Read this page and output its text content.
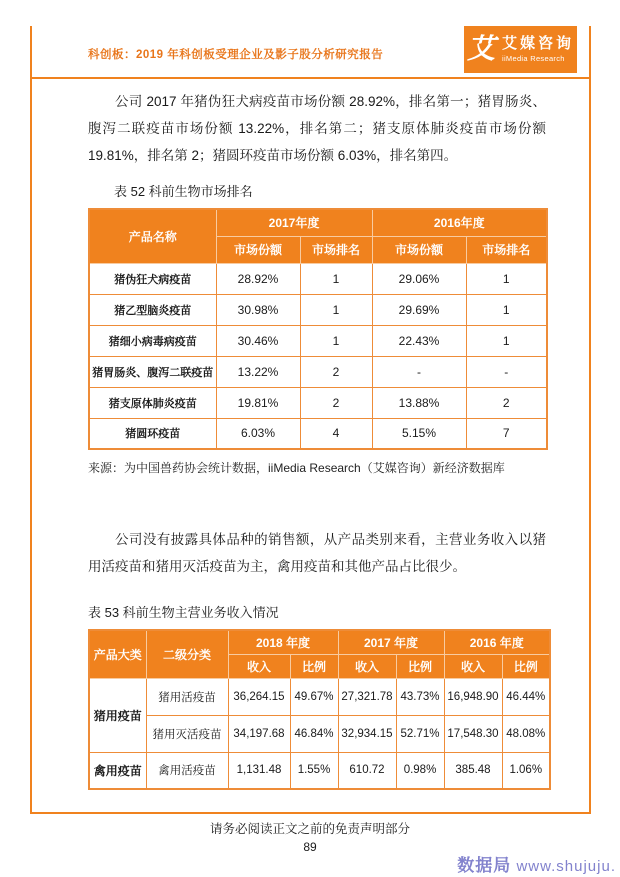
科创板：2019 年科创板受理企业及影子股分析研究报告	艾 艾媒咨询
iiMedia Research

公司 2017 年猪伪狂犬病疫苗市场份额 28.92%，排名第一；猪胃肠炎、腹泻二联疫苗市场份额 13.22%，排名第二；猪支原体肺炎疫苗市场份额 19.81%，排名第 2；猪圆环疫苗市场份额 6.03%，排名第四。

表 52 科前生物市场排名

产品名称	2017年度		2016年度	
	市场份额	市场排名	市场份额	市场排名
猪伪狂犬病疫苗	28.92%	1	29.06%	1
猪乙型脑炎疫苗	30.98%	1	29.69%	1
猪细小病毒病疫苗	30.46%	1	22.43%	1
猪胃肠炎、腹泻二联疫苗	13.22%	2	-	-
猪支原体肺炎疫苗	19.81%	2	13.88%	2
猪圆环疫苗	6.03%	4	5.15%	7

来源：为中国兽药协会统计数据，iiMedia Research（艾媒咨询）新经济数据库

公司没有披露具体品种的销售额，从产品类别来看，主营业务收入以猪用活疫苗和猪用灭活疫苗为主，禽用疫苗和其他产品占比很少。

表 53 科前生物主营业务收入情况

产品大类	二级分类	2018 年度		2017 年度		2016 年度	
		收入	比例	收入	比例	收入	比例
猪用疫苗	猪用活疫苗	36,264.15	49.67%	27,321.78	43.73%	16,948.90	46.44%
	猪用灭活疫苗	34,197.68	46.84%	32,934.15	52.71%	17,548.30	48.08%
禽用疫苗	禽用活疫苗	1,131.48	1.55%	610.72	0.98%	385.48	1.06%
请务必阅读正文之前的免责声明部分
89
数据局 www.shujuju.
